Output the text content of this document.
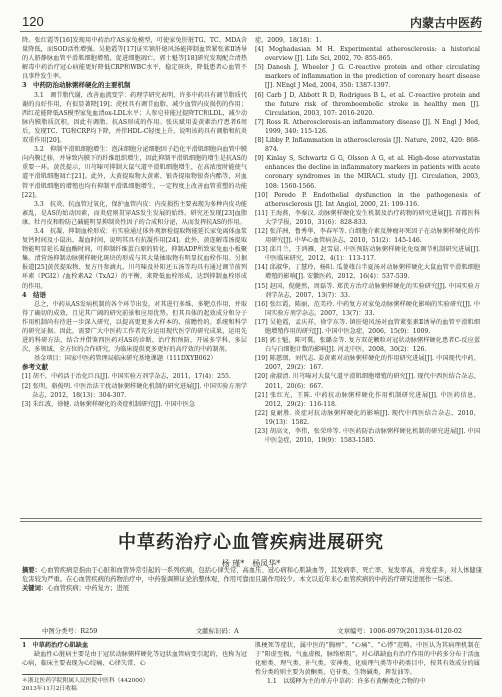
120	内蒙古中医药

降。张红霞等[16]发现用中药治疗AS家兔模型，可使家兔肝脏TG、TC、MDA含量降低，而SOD活性增强。吴艳霞等[17]证实镇肝熄风汤能抑制血管紧张素Ⅱ诱导的人脐静脉血管平滑肌细胞增殖，促进细胞凋亡。郭士魁等[18]研究发现配合清热解毒中药治疗冠心病能更好降低CRP和WBC水平，稳定斑块，降低患者心血管不良事件发生率。

3　中药防治动脉粥样硬化的主要机制

3.1　调节脂代谢，改善血流变学：药理学研究表明，许多中药具有调节脂质代谢的良好作用，有很显著降[19]；虎杖具有调节血脂、减少血管内皮损伤的作用；西红花能降低AS模型家兔血清ox-LDL水平；人参皂苷能过提降TC和LDL，减少动脉内膜脂质沉积，因此有调脂、抗AS形成的作用。张庆斌用姜黄素治疗患者6周后，发现TC、TG和CRP均下降，并伴HDL-C轻度上升，说明该药具有调脂和抗炎双重作用[20]。

3.2　抑制平滑肌细胞增生：泡沫细胞分泌细胞因子趋化平滑肌细胞向血管中膜向内膜迁移，并导致内膜下的纤维组织增生，因此抑制平滑肌细胞的增生是抗AS的重要一环。黄芪提示，川芎嗪可抑制大鼠气道平滑肌细胞增生，在高浓度时能使气道平滑肌细胞凋亡[21]。此外，大黄提取物大黄素、银杏提取物银杏内酯等，对血管平滑肌细胞的增殖也均有抑制平滑肌细胞增生，一定程度上改善血管重塑的功能[22]。

3.3　抗炎、抗血管过氧化，保护血管内皮：内皮损伤主要表现为多种内皮功能紊乱，是AS的始动因素，而炎症则贯穿AS发生发展的始终。研究还发现[23]血脂康、牡丹皮和粉防己碱能明显抑制炎性因子的合成和分泌，从而发挥抗AS的作用。

3.4　抗凝、抑制血栓形成：有实验通过体外观察检提取物能延长家兔离体血浆复钙时间及小鼠出、凝血时间，说明其具有抗凝作用[24]。此外，黄连解毒汤提取物能明显延长凝血酶时间，可抑制纤维蛋白原的转化，抑制ADP所致家兔血小板聚集。清营汤抑制动脉粥样硬化斑块的形成与其大量抽取物有明显抗血栓作用。另据报道[25]黄芪提取物、复方丹参滴丸、川芎嗪及补阳还五汤等均具有通过调节前列环素（PGI2）/血栓素A2（TxA2）的平衡，来降低血栓形成，达到抑制血栓形成的作用。

4　结语

总之，中药从AS发病机制的各个环节出发，对其进行多维、多靶点作用，并取得了确切的成效，且见其广阔的研究前景和应用优势。但其具体的起效成分和分子作用机制尚有待进一步深入研究，以提高更更多大样本的、前瞻性的、系统和科学的研究证据。因此，需要广大中医药工作者充分运用现代医学的研究成果，运用先进的科研方法，结合并借鉴西医药对AS的诊断、治疗和预防，开展多学科、多层次、多领域、全方位的合作研究，为临床提供更多更好的高疗效的中药制剂。

基金项目：国家中医药管理局临床研究基地课题（111DXYB062）

参考文献

[1] 胡不，中药活于治化巨良[J]. 中国实验方剂学杂志，2011，17(4)：255.

[2] 张明，骆俊明. 中医治法干扰动脉粥样硬化机制的研究进展[J]. 中国实验方剂学杂志，2012，18(13)：304-307.

[3] 朱红波，徐健. 动脉粥样硬化的炎症机制研究[J]. 中国中医急

症，2009，18(18)：1.

[4] Moghadasian M H. Experimental atherosclerosis: a historical overview [J]. Life Sci, 2002, 70: 855-865.

[5] Danesh J, Wheeler J G. C-reactive protein and other circulating markers of inflammation in the prediction of coronary heart disease [J]. NEngl J Med, 2004, 350: 1387-1397.

[6] Carb J D, Abbott R D, Rodrigues B L, et al. C-reactive protein and the future risk of thromboembolic stroke in healthy men [J]. Circulation, 2003, 107: 2016-2020.

[7] Ross R. Atherosclerosis-an inflammatory disease [J]. N Engl J Med, 1999, 340: 115-126.

[8] Libby P. Inflammation in atherosclerosis [J]. Nature, 2002, 420: 868-874.

[9] Kinlay S, Schwartz G G, Olsson A G, et al. High-dose atorvastatin enhances the decline in inflammatory markers in patients with acute coronary syndromes in the MIRACL study [J]. Circulation, 2003, 108: 1560-1566.

[10] Peredo P. Endothelial dysfunction in the pathogenesis of atherosclerosis [J]. Int Angiol, 2000, 21: 109-116.

[11] 王海燕，李秦汉. 动脉粥样硬化发生机制及治疗药物的研究进展[J]. 首都医科大学学报，2010，31(6)：828-833.

[12] 张洋洲，鲁秀华，李春军等. 白细胞介素及肿瘤坏死因子在动脉粥样硬化的作用研究[J]. 中华心血管病杂志，2010，51(2)：145-146.

[13] 邱月兰，王鸿雁，赵雪晨. 中医预防动脉粥样硬化免疫调节机制研究进展[J]. 中医临床研究，2012，4(1)：113-117.

[14] 邱淑华，丁慧玲，杨阳. 瓜蒌薤白半夏汤对动脉粥样硬化大鼠血管平滑肌细胞增殖的影响[J]. 安徽医药，2012，16(4)：537-539.

[15] 赵国，倪健然，周磊等. 郑芪方治疗动脉粥样硬化的实验研究[J]. 中国实验方剂学杂志，2007，13(7)：33.

[16] 张红霞，陈丽，范美玲. 中药复方对家兔动脉粥样硬化影响的实验研究[J]. 中国实验方剂学杂志，2007，13(7)：33.

[17] 吴艳霞，孟庆祥，徐学东等. 镇肝熄风汤对血管紧张素Ⅱ诱导的血管平滑肌细胞增殖作用的研究[J]. 中国中医急症，2006，15(9)：1009.

[18] 郭士魁，陈可冀，张璐金等. 复方双花颗粒对冠状动脉粥样硬化患者C-反应蛋白与白细胞计数的影响[J]. 河北中医，2008，30(2)：126.

[19] 陈慈颂，刘代志. 姜黄素对动脉粥样硬化的作用研究进展[J]. 中国现代中药，2007，29(2)：167.

[20] 俞淑清. 川芎嗪对大鼠气道平滑肌细胞增殖的研究[J]. 现代中西医结合杂志，2011，20(6)：667.

[21] 张红光，王陈. 中药抗动脉粥样硬化作用机制研究进展[J]. 中医药信息，2012，29(2)：116-118.

[22] 夏耐胜. 炎症对抗动脉粥样硬化的影响[J]. 现代中西医结合杂志，2010，19(13)：1582.

[23] 胡高文，李伟，张荣珍等. 中医药防治动脉粥样硬化机制的研究进展[J]. 中国中医急症，2010，19(9)：1583-1585.

中草药治疗心血管疾病进展研究
杨 瑾*　杨凤华*
摘要：心血管疾病是指由于心脏和血管异常引起的一系列疾病，包括心律失常、高血压、冠心病和心肌缺血等，其发病率、死亡率、复发率高，并发症多，对人体健康危害较为严重。在心血管疾病的药物治疗中，中药强调辨证论治整体观，作用可靠而且副作用较少。本文以近年来心血管疾病的中药治疗研究进展作一综述。
关键词：心血管疾病；中药复方；进展
中图分类号：R259	文献标识码：A	文章编号：1006-0979(2013)34-0120-02

1　中草药治疗心肌缺血

缺血性心脏病主要是由于冠状动脉粥样硬化等冠状血管病变引起的，也称为冠心病，临床主要表现为心绞痛、心律失常、心

＊浙北医药学院附属人民医院中医科（442000）
2013年11月2日收稿

肌梗死等症状，属中医的“胸痹”、“心痛”、“心悸”范畴。中医认为其病理机制在于“阳虚至极，气血虚极，脉络瘀阻”。对心肌缺血有治疗作用的中药多分布于活血化瘀类、理气类、补气类、安神类、化痰理气类等中药类目中，按其有效成分的属性分类的则主要为黄酮类、皂苷类、生物碱类，挥发油等。

1.1　以缓释为主的单方中草药：许多有黄酮类化合物的中
